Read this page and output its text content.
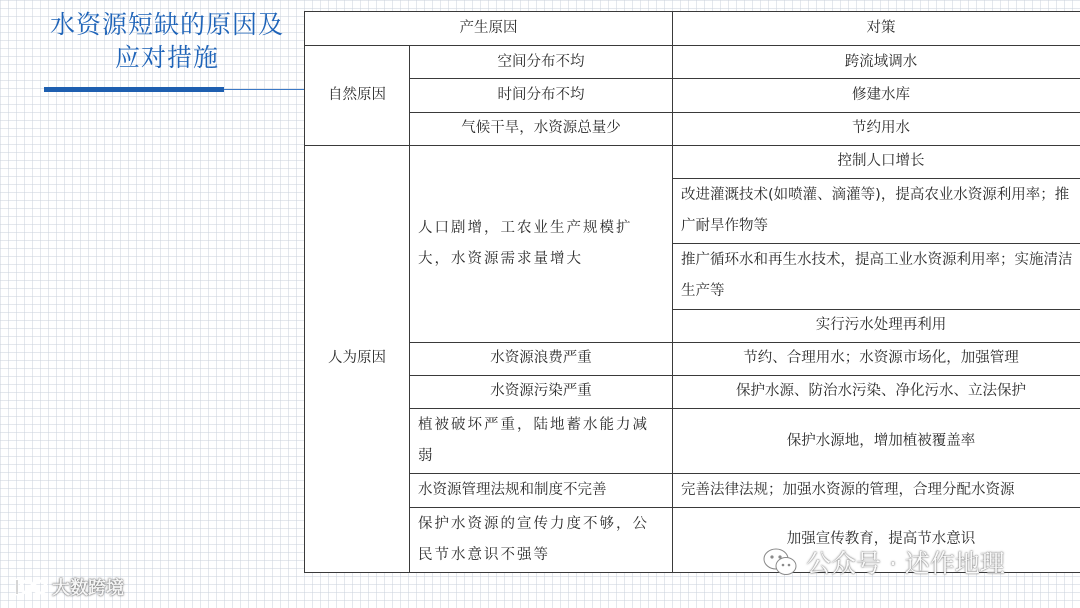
水资源短缺的原因及
应对措施
产生原因		对策
自然原因	空间分布不均	跨流域调水
	时间分布不均	修建水库
	气候干旱，水资源总量少	节约用水
人为原因	人口剧增，工农业生产规模扩大，水资源需求量增大	控制人口增长
		改进灌溉技术(如喷灌、滴灌等)，提高农业水资源利用率；推广耐旱作物等
		推广循环水和再生水技术，提高工业水资源利用率；实施清洁生产等
		实行污水处理再利用
	水资源浪费严重	节约、合理用水；水资源市场化，加强管理
	水资源污染严重	保护水源、防治水污染、净化污水、立法保护
	植被破坏严重，陆地蓄水能力减弱	保护水源地，增加植被覆盖率
	水资源管理法规和制度不完善	完善法律法规；加强水资源的管理，合理分配水资源
	保护水资源的宣传力度不够，公民节水意识不强等	加强宣传教育，提高节水意识
大数跨境
公众号 · 述作地理
